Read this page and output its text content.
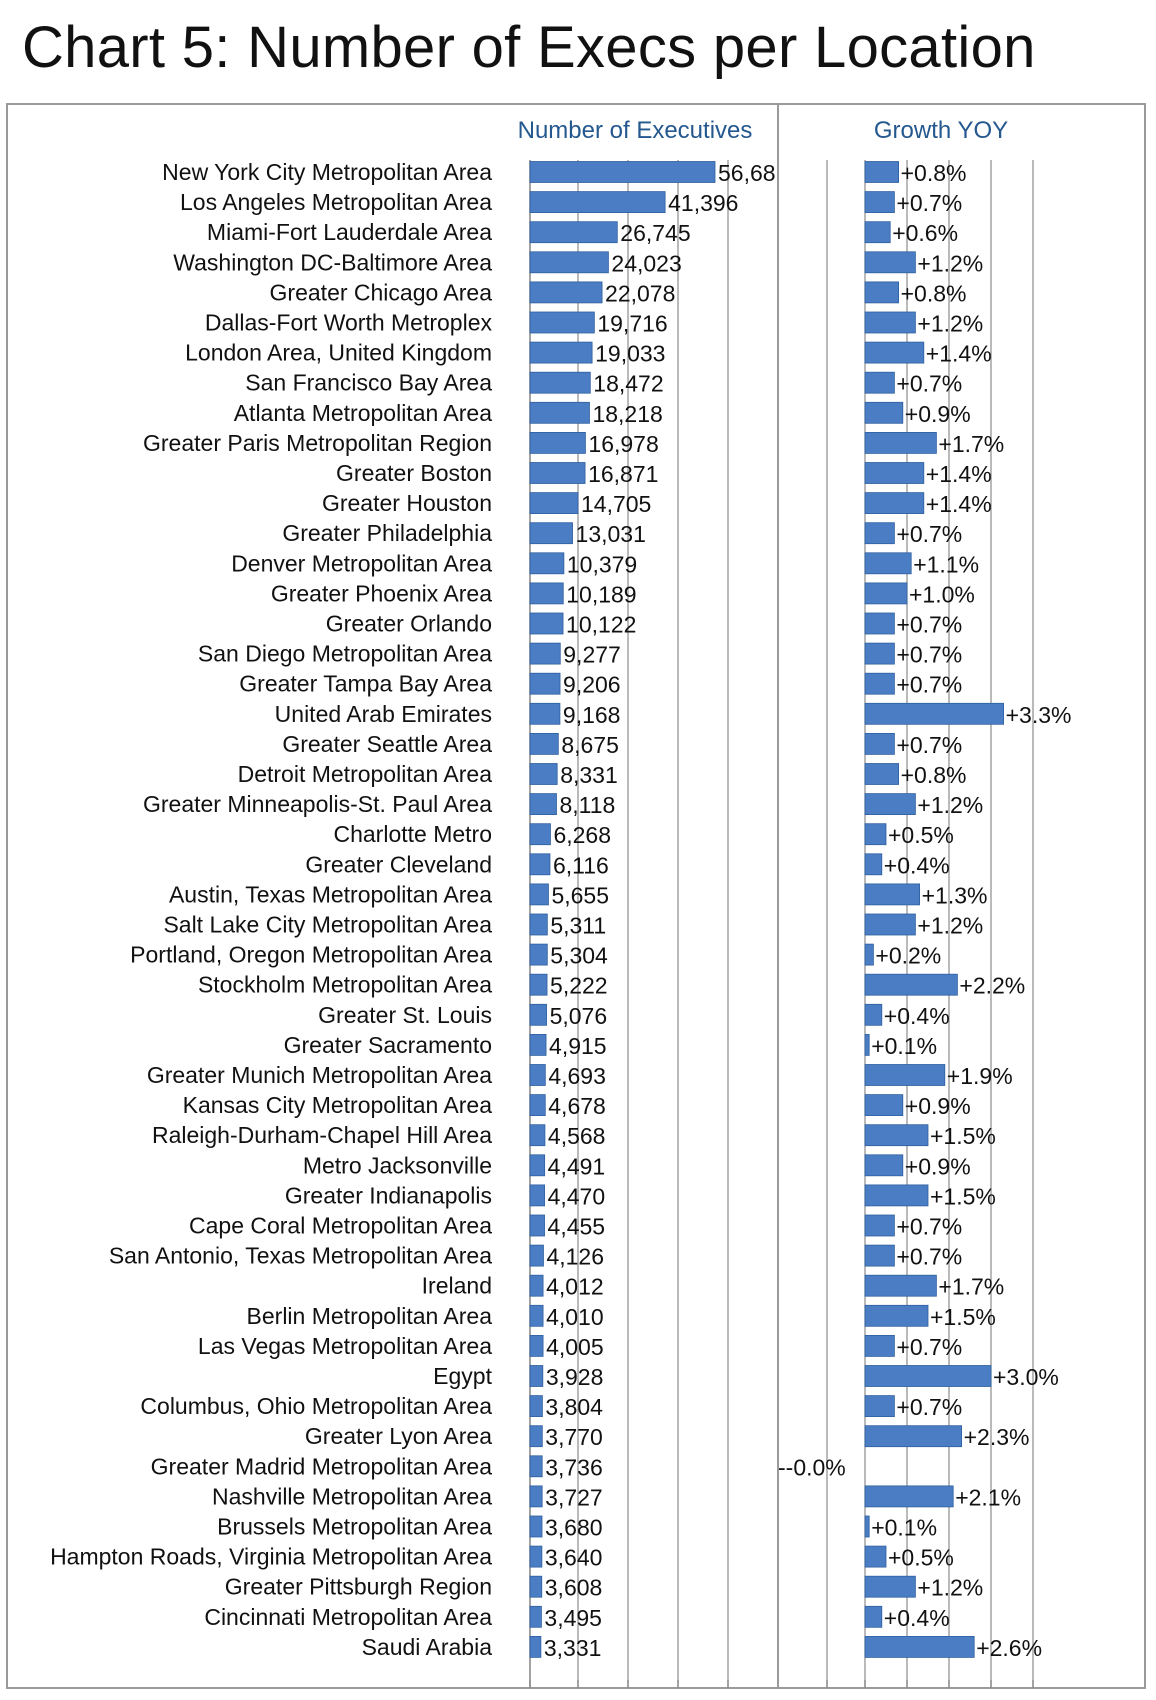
Chart 5: Number of Execs per Location
Number of Executives	Growth YOY
New York City Metropolitan Area	56,68	+0.8%
Los Angeles Metropolitan Area	41,396	+0.7%
Miami-Fort Lauderdale Area	26,745	+0.6%
Washington DC-Baltimore Area	24,023	+1.2%
Greater Chicago Area	22,078	+0.8%
Dallas-Fort Worth Metroplex	19,716	+1.2%
London Area, United Kingdom	19,033	+1.4%
San Francisco Bay Area	18,472	+0.7%
Atlanta Metropolitan Area	18,218	+0.9%
Greater Paris Metropolitan Region	16,978	+1.7%
Greater Boston	16,871	+1.4%
Greater Houston	14,705	+1.4%
Greater Philadelphia	13,031	+0.7%
Denver Metropolitan Area	10,379	+1.1%
Greater Phoenix Area	10,189	+1.0%
Greater Orlando	10,122	+0.7%
San Diego Metropolitan Area	9,277	+0.7%
Greater Tampa Bay Area	9,206	+0.7%
United Arab Emirates	9,168	+3.3%
Greater Seattle Area	8,675	+0.7%
Detroit Metropolitan Area	8,331	+0.8%
Greater Minneapolis-St. Paul Area	8,118	+1.2%
Charlotte Metro	6,268	+0.5%
Greater Cleveland	6,116	+0.4%
Austin, Texas Metropolitan Area	5,655	+1.3%
Salt Lake City Metropolitan Area	5,311	+1.2%
Portland, Oregon Metropolitan Area	5,304	+0.2%
Stockholm Metropolitan Area	5,222	+2.2%
Greater St. Louis	5,076	+0.4%
Greater Sacramento 4,915	+0.1%
Greater Munich Metropolitan Area 4,693	+1.9%
Kansas City Metropolitan Area 4,678	+0.9%
Raleigh-Durham-Chapel Hill Area 4,568	+1.5%
Metro Jacksonville 4,491	+0.9%
Greater Indianapolis 4,470	+1.5%
Cape Coral Metropolitan Area 4,455	+0.7%
San Antonio, Texas Metropolitan Area 4,126	+0.7%
Ireland 4,012	+1.7%
Berlin Metropolitan Area 4,010	+1.5%
Las Vegas Metropolitan Area 4,005	+0.7%
Egypt 3,928	+3.0%
Columbus, Ohio Metropolitan Area 3,804	+0.7%
Greater Lyon Area 3,770	+2.3%
Greater Madrid Metropolitan Area 3,736	--0.0%
Nashville Metropolitan Area 3,727	+2.1%
Brussels Metropolitan Area 3,680	+0.1%
Hampton Roads, Virginia Metropolitan Area 3,640	+0.5%
Greater Pittsburgh Region 3,608	+1.2%
Cincinnati Metropolitan Area 3,495	+0.4%
Saudi Arabia 3,331	+2.6%
